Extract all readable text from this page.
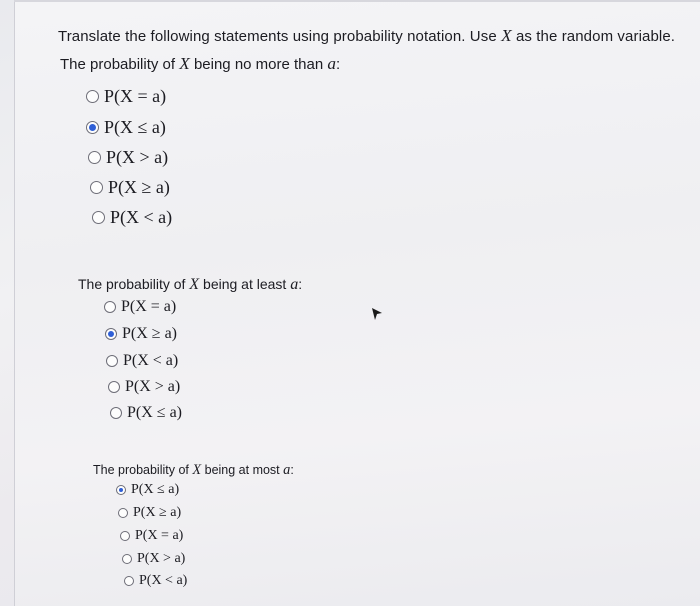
Translate the following statements using probability notation. Use X as the random variable.
The probability of X being no more than a:
P(X = a)
P(X ≤ a)
P(X > a)
P(X ≥ a)
P(X < a)
The probability of X being at least a:
P(X = a)
P(X ≥ a)
P(X < a)
P(X > a)
P(X ≤ a)
The probability of X being at most a:
P(X ≤ a)
P(X ≥ a)
P(X = a)
P(X > a)
P(X < a)
